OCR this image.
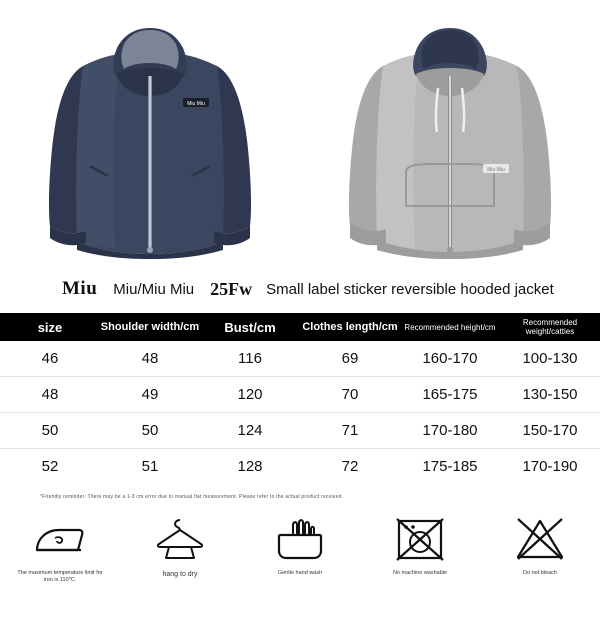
Miu Miu
Miu Miu
Miu Miu/Miu Miu 25Fw Small label sticker reversible hooded jacket
size	Shoulder width/cm	Bust/cm	Clothes length/cm	Recommended height/cm	Recommended weight/catties
46	48	116	69	160-170	100-130
48	49	120	70	165-175	130-150
50	50	124	71	170-180	150-170
52	51	128	72	175-185	170-190
*Friendly reminder: There may be a 1-3 cm error due to manual flat measurement. Please refer to the actual product received.
The maximum temperature limit for iron is 110°C.
hang to dry	Gentle hand wash	No machine washable	Do not bleach
